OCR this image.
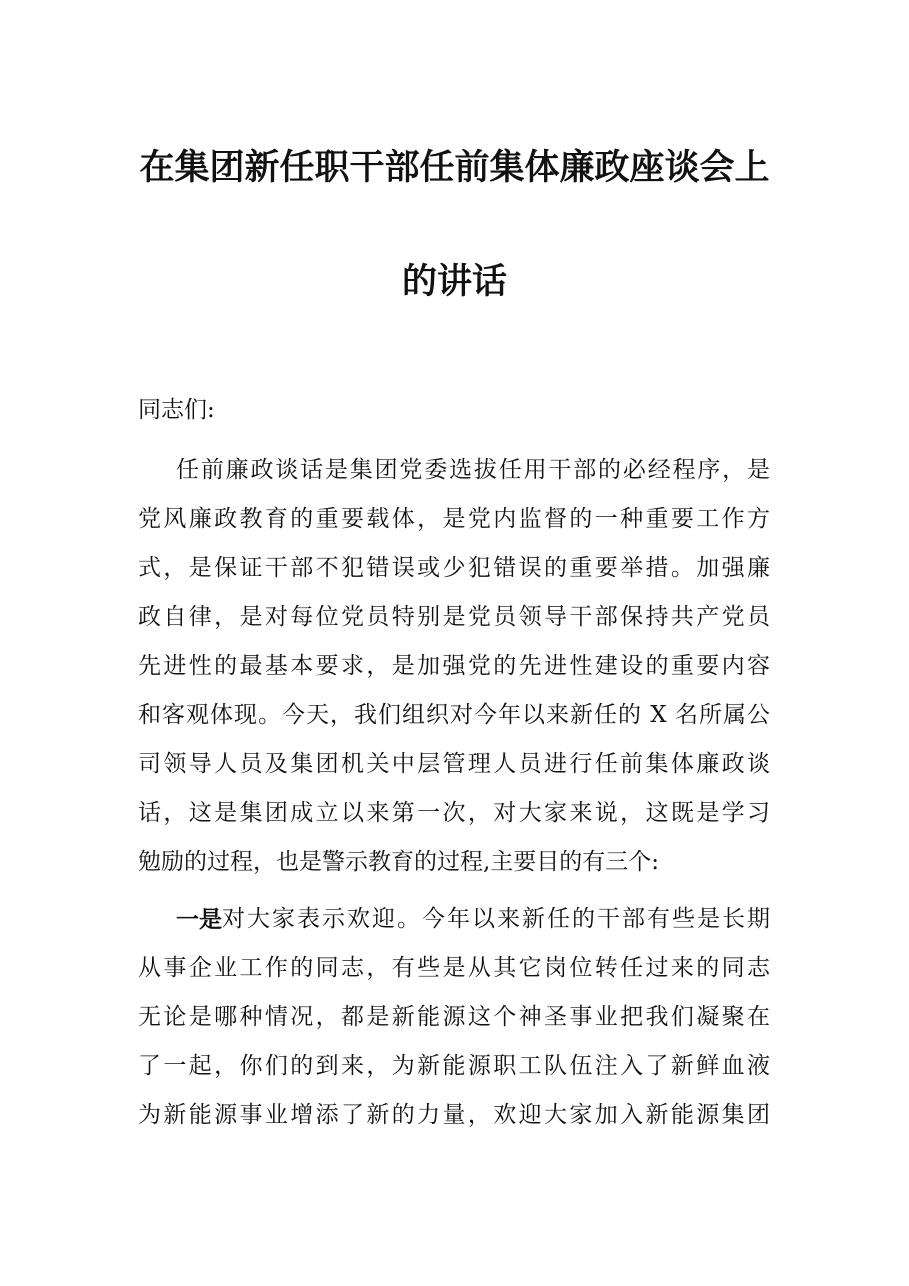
在集团新任职干部任前集体廉政座谈会上
的讲话
同志们:
任前廉政谈话是集团党委选拔任用干部的必经程序，是
党风廉政教育的重要载体，是党内监督的一种重要工作方
式，是保证干部不犯错误或少犯错误的重要举措。加强廉
政自律，是对每位党员特别是党员领导干部保持共产党员
先进性的最基本要求，是加强党的先进性建设的重要内容
和客观体现。今天，我们组织对今年以来新任的 X 名所属公
司领导人员及集团机关中层管理人员进行任前集体廉政谈
话，这是集团成立以来第一次，对大家来说，这既是学习
勉励的过程，也是警示教育的过程,主要目的有三个:
一是 对大家表示欢迎。今年以来新任的干部有些是长期
从事企业工作的同志，有些是从其它岗位转任过来的同志
无论是哪种情况，都是新能源这个神圣事业把我们凝聚在
了一起，你们的到来，为新能源职工队伍注入了新鲜血液
为新能源事业增添了新的力量，欢迎大家加入新能源集团
